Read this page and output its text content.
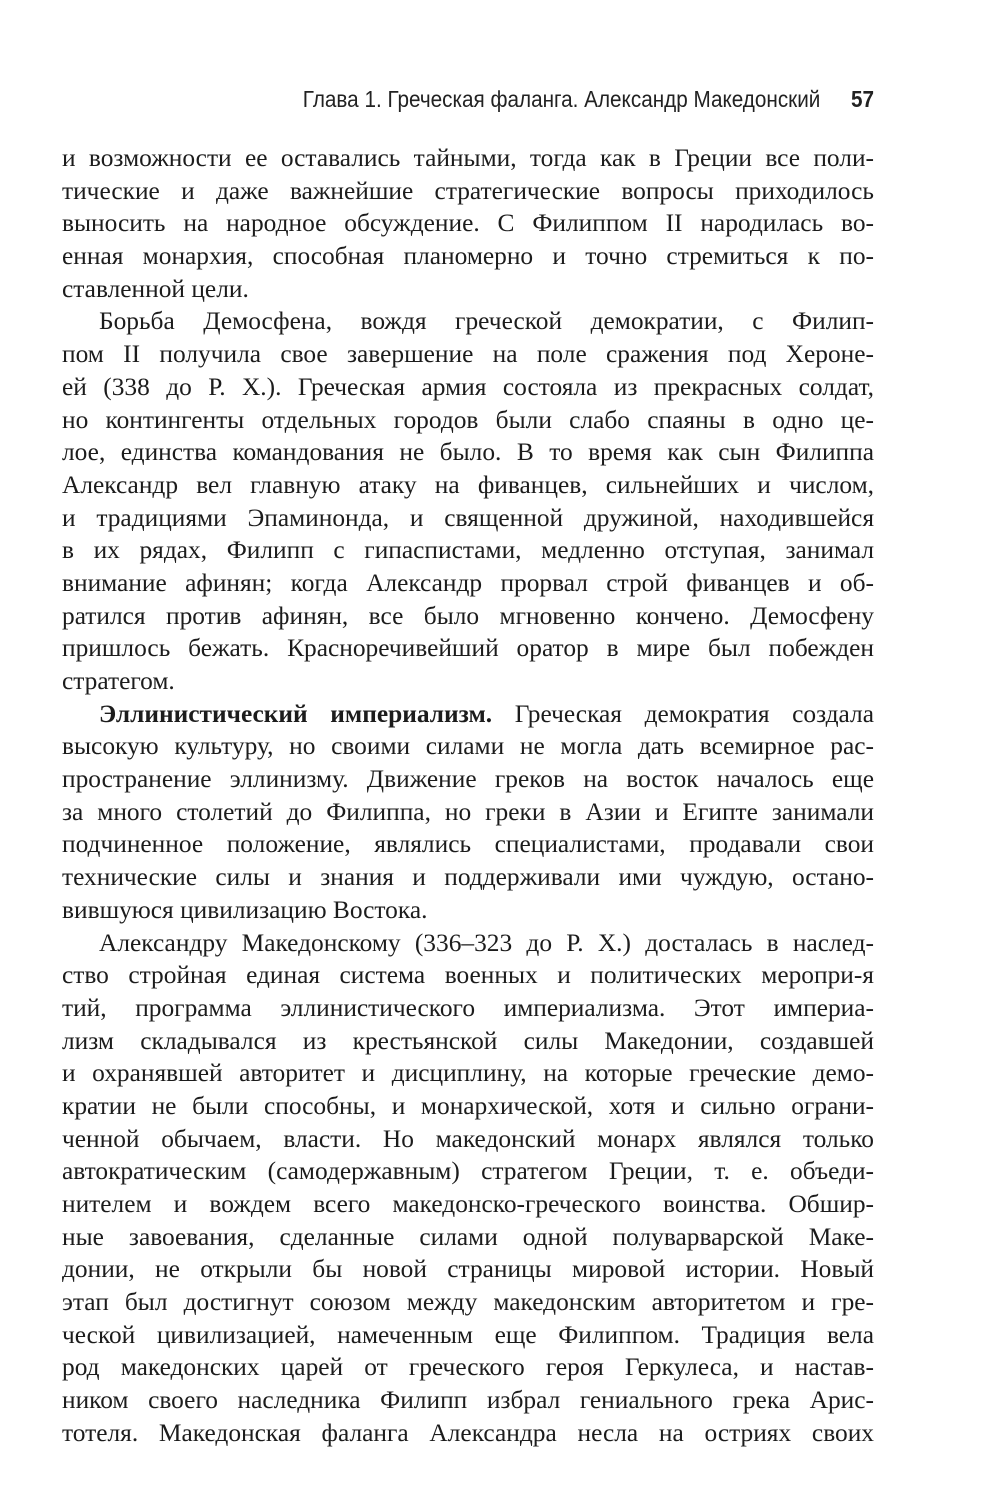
Глава 1. Греческая фаланга. Александр Македонский 57
и возможности ее оставались тайными, тогда как в Греции все поли-
тические и даже важнейшие стратегические вопросы приходилось
выносить на народное обсуждение. С Филиппом II народилась во-
енная монархия, способная планомерно и точно стремиться к по-
ставленной цели.
Борьба Демосфена, вождя греческой демократии, с Филип-
пом II получила свое завершение на поле сражения под Херонe-
ей (338 до Р. Х.). Греческая армия состояла из прекрасных солдат,
но контингенты отдельных городов были слабо спаяны в одно це-
лое, единства командования не было. В то время как сын Филиппа
Александр вел главную атаку на фиванцев, сильнейших и числом,
и традициями Эпаминонда, и священной дружиной, находившейся
в их рядах, Филипп с гипаспистами, медленно отступая, занимал
внимание афинян; когда Александр прорвал строй фиванцев и об-
ратился против афинян, все было мгновенно кончено. Демосфену
пришлось бежать. Красноречивейший оратор в мире был побежден
стратегом.
Эллинистический империализм. Греческая демократия создала
высокую культуру, но своими силами не могла дать всемирное рас-
пространение эллинизму. Движение греков на восток началось еще
за много столетий до Филиппа, но греки в Азии и Египте занимали
подчиненное положение, являлись специалистами, продавали свои
технические силы и знания и поддерживали ими чуждую, остано-
вившуюся цивилизацию Востока.
Александру Македонскому (336–323 до Р. Х.) досталась в наслед-
ство стройная единая система военных и политических меропри-я
тий, программа эллинистического империализма. Этот империа-
лизм складывался из крестьянской силы Македонии, создавшей
и охранявшей авторитет и дисциплину, на которые греческие демо-
кратии не были способны, и монархической, хотя и сильно ограни-
ченной обычаем, власти. Но македонский монарх являлся только
автократическим (самодержавным) стратегом Греции, т. е. объеди-
нителем и вождем всего македонско-греческого воинства. Обшир-
ные завоевания, сделанные силами одной полуварварской Маке-
донии, не открыли бы новой страницы мировой истории. Новый
этап был достигнут союзом между македонским авторитетом и гре-
ческой цивилизацией, намеченным еще Филиппом. Традиция вела
род македонских царей от греческого героя Геркулеса, и настав-
ником своего наследника Филипп избрал гениального грека Арис-
тотеля. Македонская фаланга Александра несла на остриях своих
